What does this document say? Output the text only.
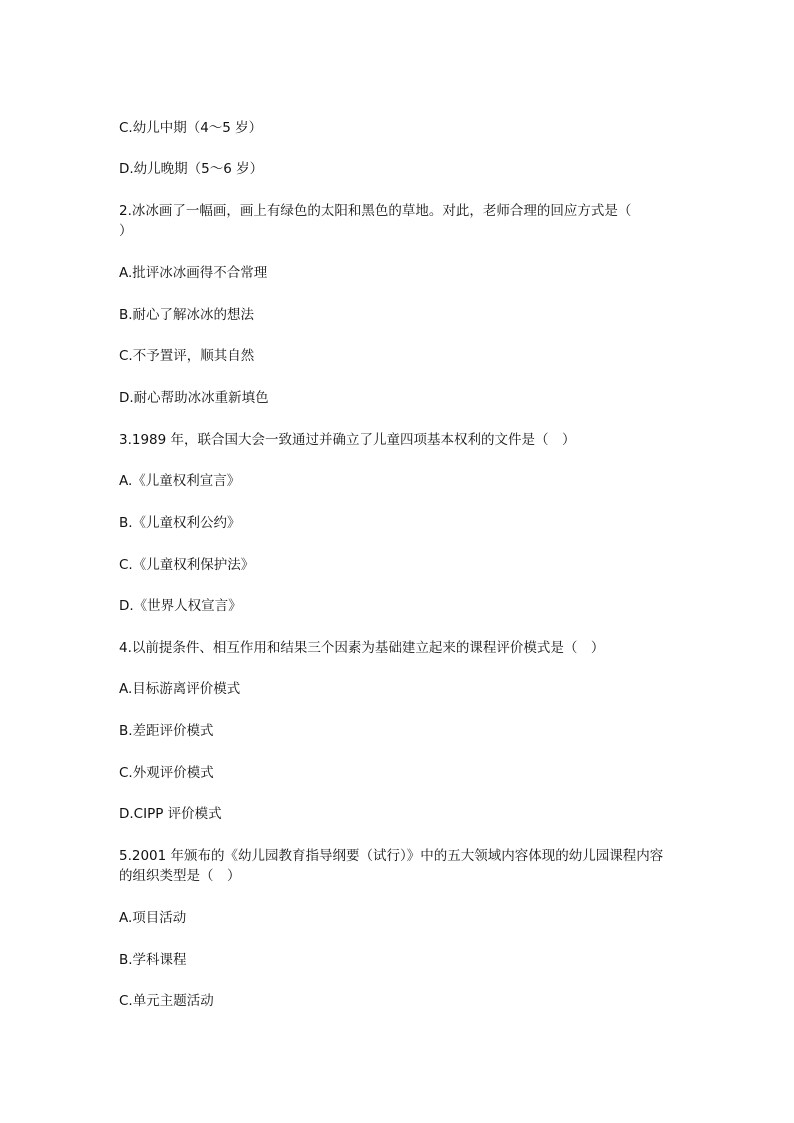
C.幼儿中期（4～5 岁）
D.幼儿晚期（5～6 岁）
2.冰冰画了一幅画，画上有绿色的太阳和黑色的草地。对此，老师合理的回应方式是（
）
A.批评冰冰画得不合常理
B.耐心了解冰冰的想法
C.不予置评，顺其自然
D.耐心帮助冰冰重新填色
3.1989 年，联合国大会一致通过并确立了儿童四项基本权利的文件是（　）
A.《儿童权利宣言》
B.《儿童权利公约》
C.《儿童权利保护法》
D.《世界人权宣言》
4.以前提条件、相互作用和结果三个因素为基础建立起来的课程评价模式是（　）
A.目标游离评价模式
B.差距评价模式
C.外观评价模式
D.CIPP 评价模式
5.2001 年颁布的《幼儿园教育指导纲要（试行）》中的五大领域内容体现的幼儿园课程内容
的组织类型是（　）
A.项目活动
B.学科课程
C.单元主题活动
